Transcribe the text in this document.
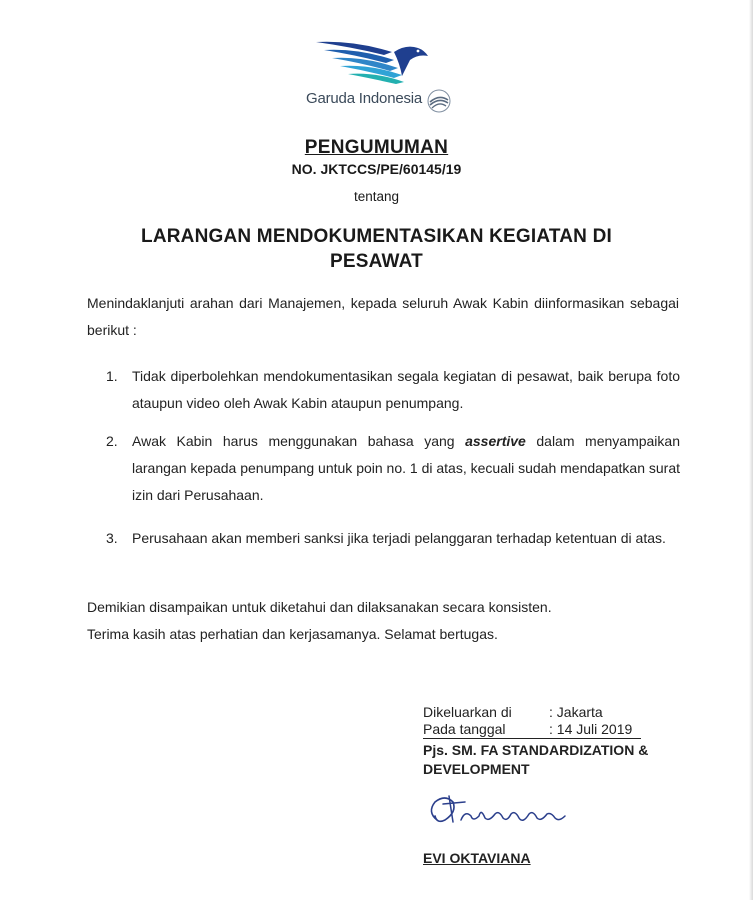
Garuda Indonesia
PENGUMUMAN
NO. JKTCCS/PE/60145/19
tentang
LARANGAN MENDOKUMENTASIKAN KEGIATAN DI
PESAWAT
Menindaklanjuti arahan dari Manajemen, kepada seluruh Awak Kabin diinformasikan sebagai berikut :
1.	Tidak diperbolehkan mendokumentasikan segala kegiatan di pesawat, baik berupa foto ataupun video oleh Awak Kabin ataupun penumpang.
2.	Awak Kabin harus menggunakan bahasa yang assertive dalam menyampaikan larangan kepada penumpang untuk poin no. 1 di atas, kecuali sudah mendapatkan surat izin dari Perusahaan.
3.	Perusahaan akan memberi sanksi jika terjadi pelanggaran terhadap ketentuan di atas.
Demikian disampaikan untuk diketahui dan dilaksanakan secara konsisten.
Terima kasih atas perhatian dan kerjasamanya. Selamat bertugas.
Dikeluarkan di	: Jakarta
Pada tanggal	: 14 Juli 2019
Pjs. SM. FA STANDARDIZATION &
DEVELOPMENT
EVI OKTAVIANA
